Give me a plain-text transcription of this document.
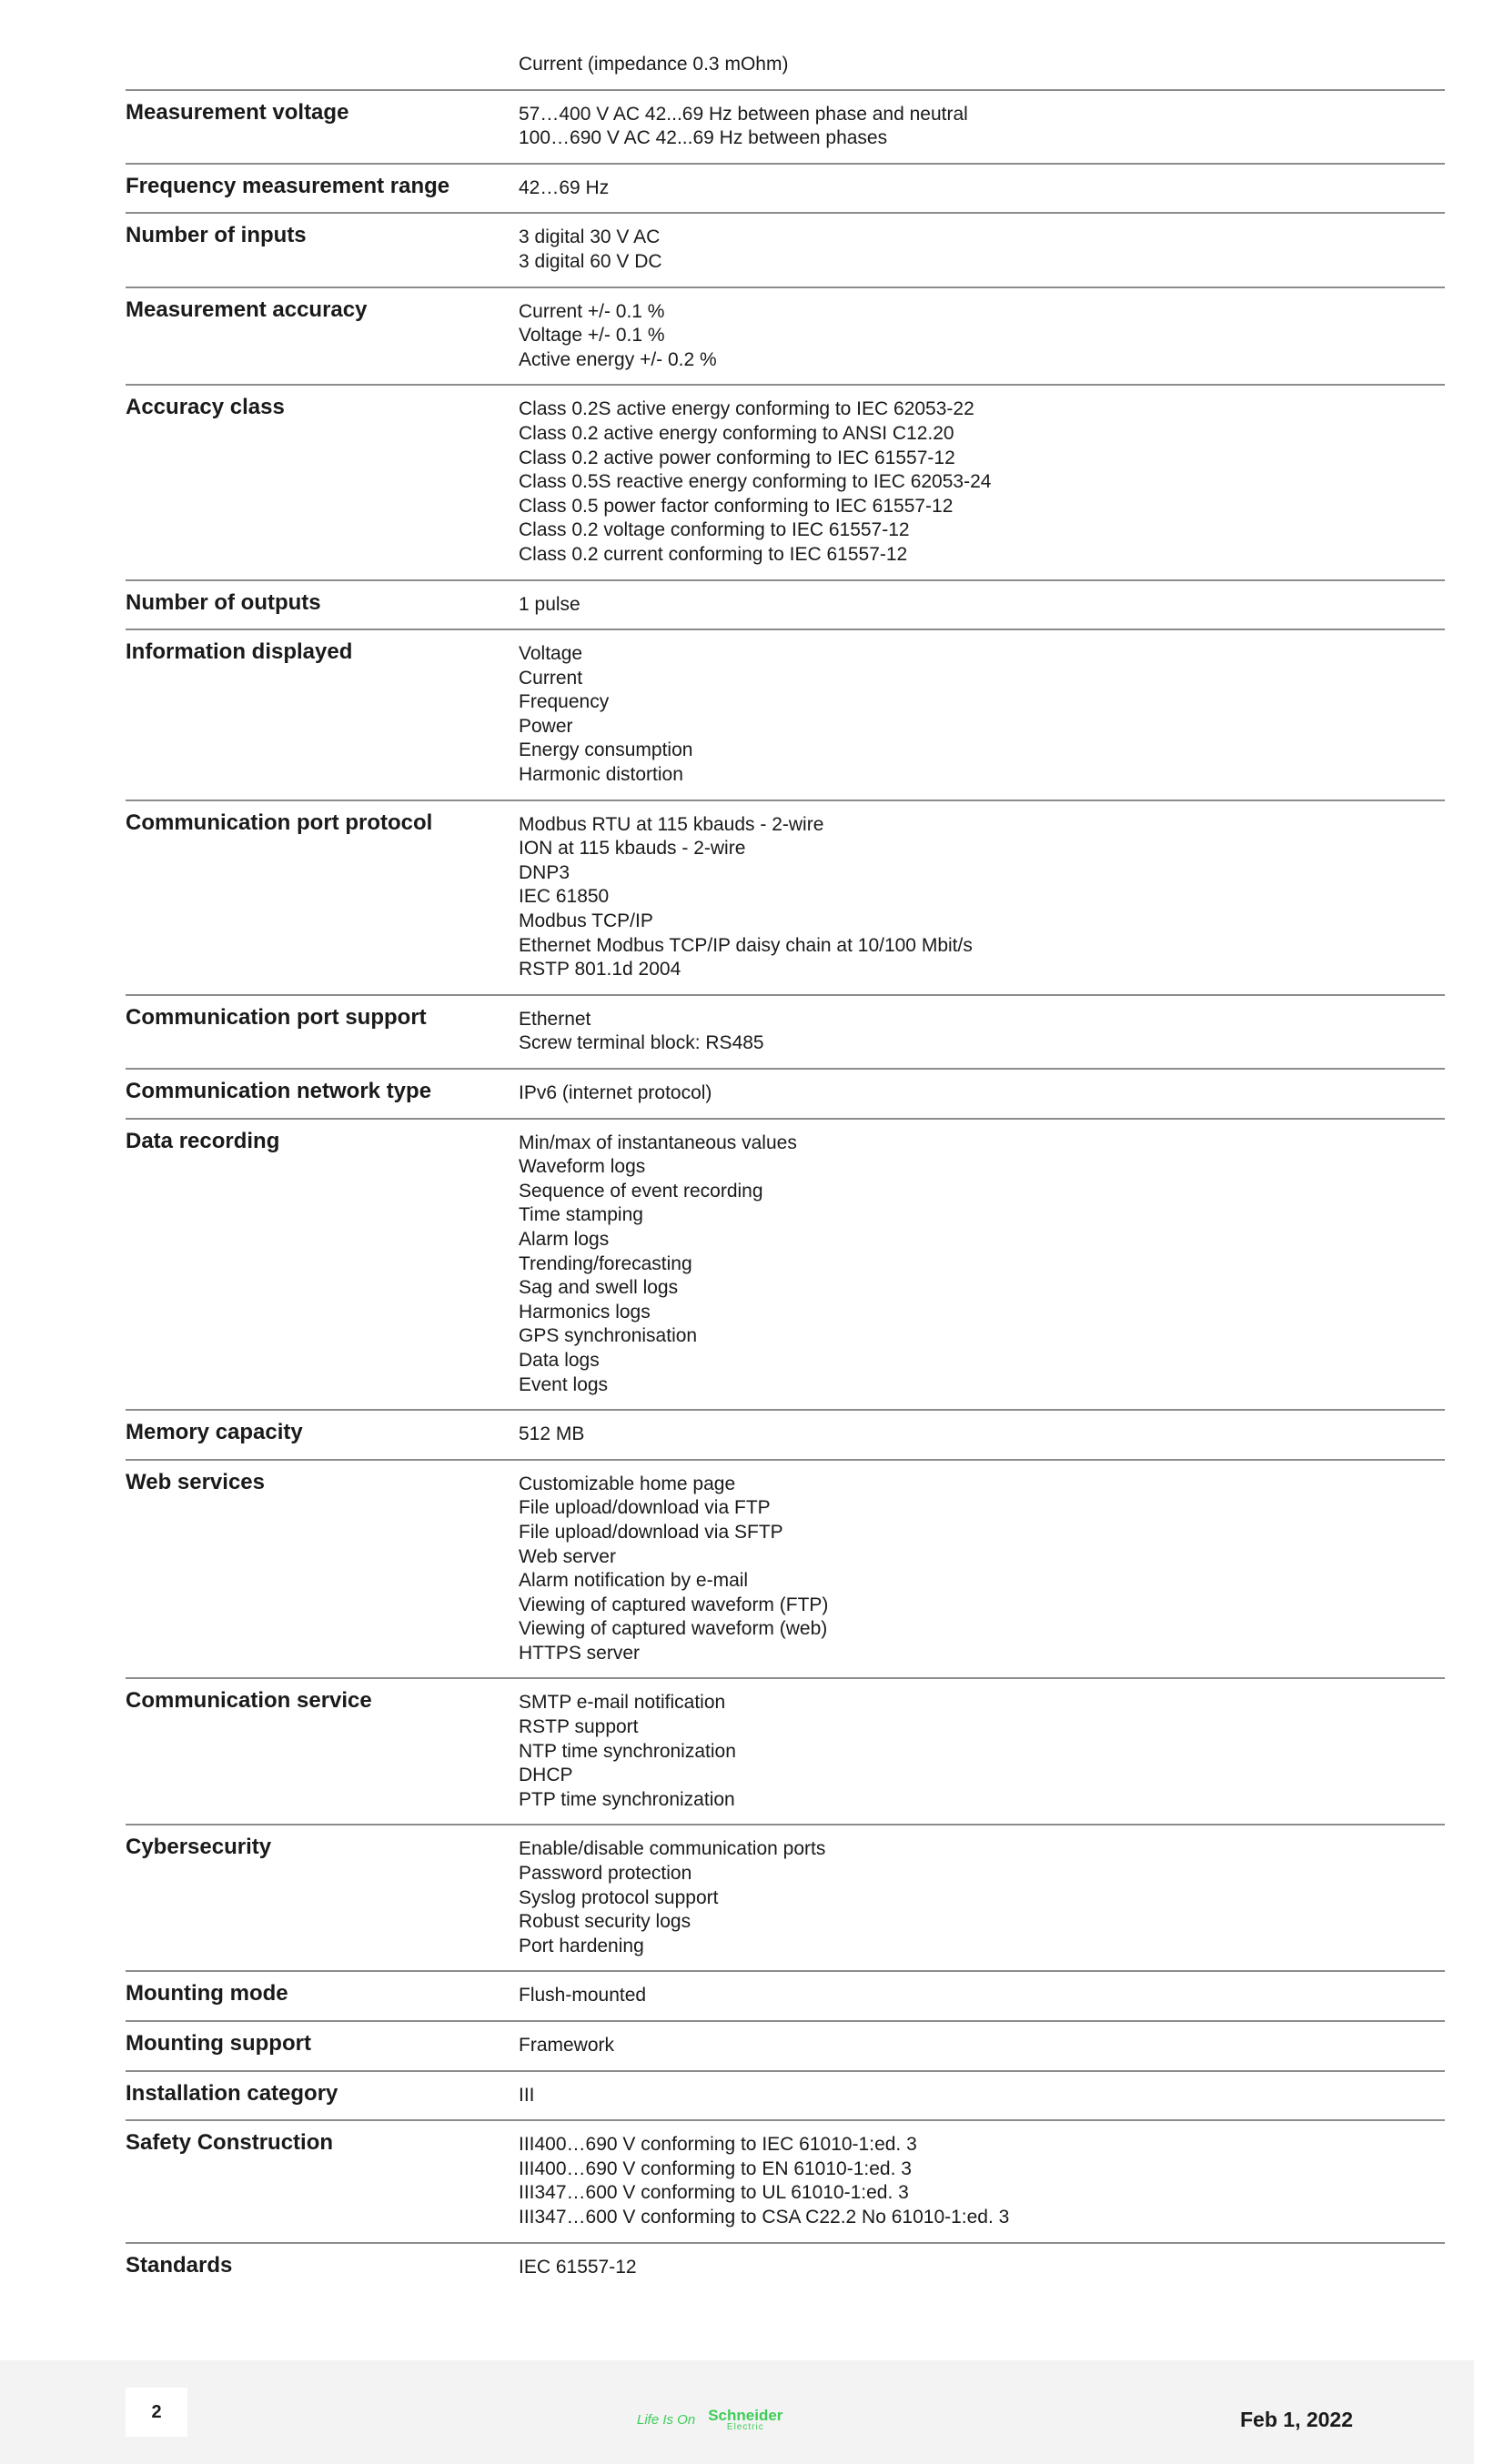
Current (impedance 0.3 mOhm)
Measurement voltage	57…400 V AC 42...69 Hz between phase and neutral
100…690 V AC 42...69 Hz between phases
Frequency measurement range	42…69 Hz
Number of inputs	3 digital 30 V AC
3 digital 60 V DC
Measurement accuracy	Current +/- 0.1 %
Voltage +/- 0.1 %
Active energy +/- 0.2 %
Accuracy class	Class 0.2S active energy conforming to IEC 62053-22
Class 0.2 active energy conforming to ANSI C12.20
Class 0.2 active power conforming to IEC 61557-12
Class 0.5S reactive energy conforming to IEC 62053-24
Class 0.5 power factor conforming to IEC 61557-12
Class 0.2 voltage conforming to IEC 61557-12
Class 0.2 current conforming to IEC 61557-12
Number of outputs	1 pulse
Information displayed	Voltage
Current
Frequency
Power
Energy consumption
Harmonic distortion
Communication port protocol	Modbus RTU at 115 kbauds - 2-wire
ION at 115 kbauds - 2-wire
DNP3
IEC 61850
Modbus TCP/IP
Ethernet Modbus TCP/IP daisy chain at 10/100 Mbit/s
RSTP 801.1d 2004
Communication port support	Ethernet
Screw terminal block: RS485
Communication network type	IPv6 (internet protocol)
Data recording	Min/max of instantaneous values
Waveform logs
Sequence of event recording
Time stamping
Alarm logs
Trending/forecasting
Sag and swell logs
Harmonics logs
GPS synchronisation
Data logs
Event logs
Memory capacity	512 MB
Web services	Customizable home page
File upload/download via FTP
File upload/download via SFTP
Web server
Alarm notification by e-mail
Viewing of captured waveform (FTP)
Viewing of captured waveform (web)
HTTPS server
Communication service	SMTP e-mail notification
RSTP support
NTP time synchronization
DHCP
PTP time synchronization
Cybersecurity	Enable/disable communication ports
Password protection
Syslog protocol support
Robust security logs
Port hardening
Mounting mode	Flush-mounted
Mounting support	Framework
Installation category	III
Safety Construction	III400…690 V conforming to IEC 61010-1:ed. 3
III400…690 V conforming to EN 61010-1:ed. 3
III347…600 V conforming to UL 61010-1:ed. 3
III347…600 V conforming to CSA C22.2 No 61010-1:ed. 3
Standards	IEC 61557-12
2	Life Is On Schneider
Electric	Feb 1, 2022
